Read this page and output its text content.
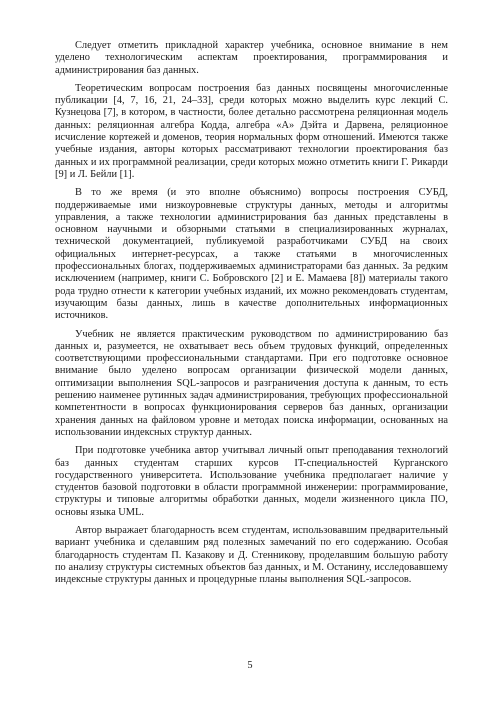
Следует отметить прикладной характер учебника, основное внимание в нем уделено технологическим аспектам проектирования, программирования и администрирования баз данных.

Теоретическим вопросам построения баз данных посвящены многочисленные публикации [4, 7, 16, 21, 24–33], среди которых можно выделить курс лекций С. Кузнецова [7], в котором, в частности, более детально рассмотрена реляционная модель данных: реляционная алгебра Кодда, алгебра «A» Дэйта и Дарвена, реляционное исчисление кортежей и доменов, теория нормальных форм отношений. Имеются также учебные издания, авторы которых рассматривают технологии проектирования баз данных и их программной реализации, среди которых можно отметить книги Г. Рикарди [9] и Л. Бейли [1].

В то же время (и это вполне объяснимо) вопросы построения СУБД, поддерживаемые ими низкоуровневые структуры данных, методы и алгоритмы управления, а также технологии администрирования баз данных представлены в основном научными и обзорными статьями в специализированных журналах, технической документацией, публикуемой разработчиками СУБД на своих официальных интернет-ресурсах, а также статьями в многочисленных профессиональных блогах, поддерживаемых администраторами баз данных. За редким исключением (например, книги С. Бобровского [2] и Е. Мамаева [8]) материалы такого рода трудно отнести к категории учебных изданий, их можно рекомендовать студентам, изучающим базы данных, лишь в качестве дополнительных информационных источников.

Учебник не является практическим руководством по администрированию баз данных и, разумеется, не охватывает весь объем трудовых функций, определенных соответствующими профессиональными стандартами. При его подготовке основное внимание было уделено вопросам организации физической модели данных, оптимизации выполнения SQL-запросов и разграничения доступа к данным, то есть решению наименее рутинных задач администрирования, требующих профессиональной компетентности в вопросах функционирования серверов баз данных, организации хранения данных на файловом уровне и методах поиска информации, основанных на использовании индексных структур данных.

При подготовке учебника автор учитывал личный опыт преподавания технологий баз данных студентам старших курсов IT-специальностей Курганского государственного университета. Использование учебника предполагает наличие у студентов базовой подготовки в области программной инженерии: программирование, структуры и типовые алгоритмы обработки данных, модели жизненного цикла ПО, основы языка UML.

Автор выражает благодарность всем студентам, использовавшим предварительный вариант учебника и сделавшим ряд полезных замечаний по его содержанию. Особая благодарность студентам П. Казакову и Д. Стенникову, проделавшим большую работу по анализу структуры системных объектов баз данных, и М. Останину, исследовавшему индексные структуры данных и процедурные планы выполнения SQL-запросов.

5
